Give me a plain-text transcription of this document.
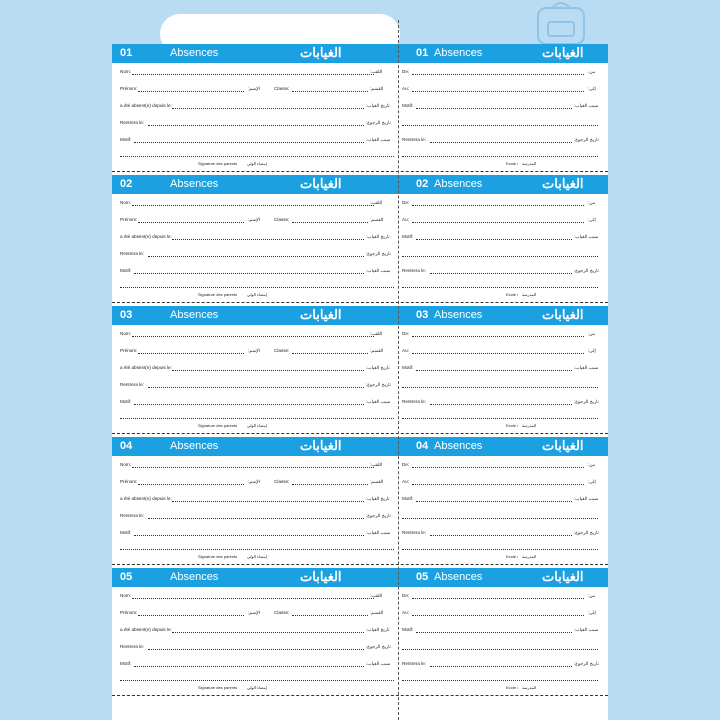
01	Absences	الغيابات	01 Absences	الغيابات
Nom:	اللقب:
Prénom:	الإسم:	Classe:	القسم:
a été absent(e) depuis le:	تاريخ الغياب:
Rentrera le:	تاريخ الرجوع:
Motif:	سبب الغياب:
Signature des parents إمضاء الولي
De:	من:
Au:	إلى:
Motif:	سبب الغياب:
Rentrera le:	تاريخ الرجوع:
Ecole / المدرسة
02	Absences	الغيابات	02 Absences	الغيابات
Nom:	اللقب:
Prénom:	الإسم:	Classe:	القسم:
a été absent(e) depuis le:	تاريخ الغياب:
Rentrera le:	تاريخ الرجوع:
Motif:	سبب الغياب:
Signature des parents إمضاء الولي
De:	من:
Au:	إلى:
Motif:	سبب الغياب:
Rentrera le:	تاريخ الرجوع:
Ecole / المدرسة
03	Absences	الغيابات	03 Absences	الغيابات
Nom:	اللقب:
Prénom:	الإسم:	Classe:	القسم:
a été absent(e) depuis le:	تاريخ الغياب:
Rentrera le:	تاريخ الرجوع:
Motif:	سبب الغياب:
Signature des parents إمضاء الولي
De:	من:
Au:	إلى:
Motif:	سبب الغياب:
Rentrera le:	تاريخ الرجوع:
Ecole / المدرسة
04	Absences	الغيابات	04 Absences	الغيابات
Nom:	اللقب:
Prénom:	الإسم:	Classe:	القسم:
a été absent(e) depuis le:	تاريخ الغياب:
Rentrera le:	تاريخ الرجوع:
Motif:	سبب الغياب:
Signature des parents إمضاء الولي
De:	من:
Au:	إلى:
Motif:	سبب الغياب:
Rentrera le:	تاريخ الرجوع:
Ecole / المدرسة
05	Absences	الغيابات	05 Absences	الغيابات
Nom:	اللقب:
Prénom:	الإسم:	Classe:	القسم:
a été absent(e) depuis le:	تاريخ الغياب:
Rentrera le:	تاريخ الرجوع:
Motif:	سبب الغياب:
Signature des parents إمضاء الولي
De:	من:
Au:	إلى:
Motif:	سبب الغياب:
Rentrera le:	تاريخ الرجوع:
Ecole / المدرسة
